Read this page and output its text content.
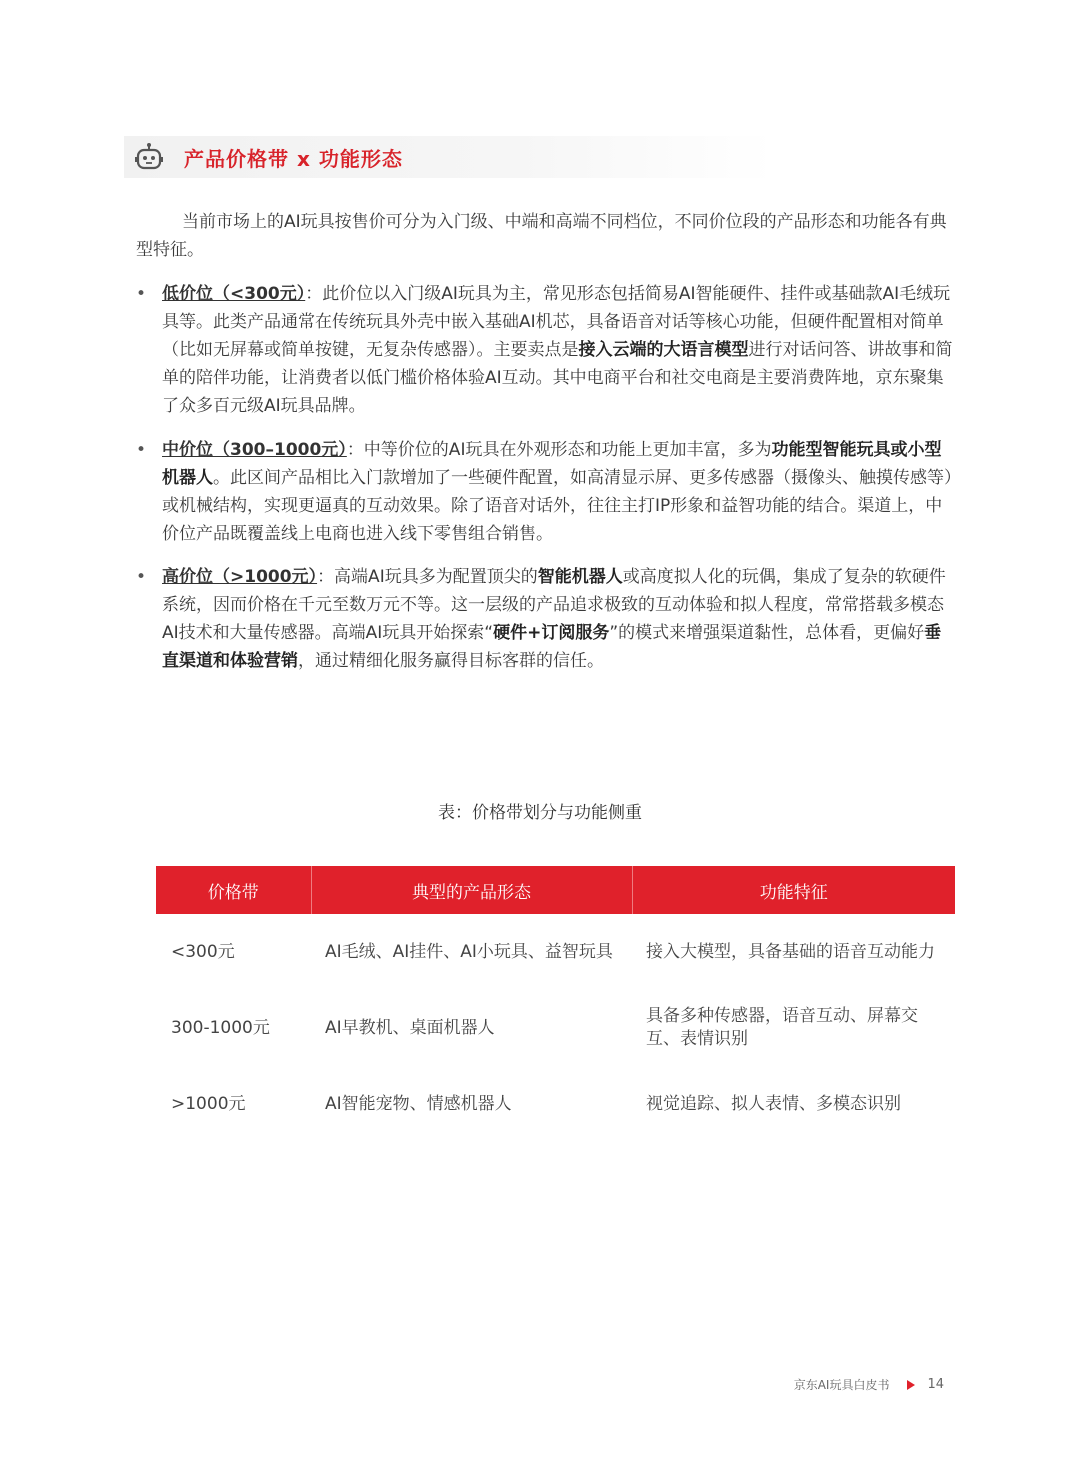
产品价格带 x 功能形态

当前市场上的AI玩具按售价可分为入门级、中端和高端不同档位，不同价位段的产品形态和功能各有典型特征。

• 低价位（<300元）：此价位以入门级AI玩具为主，常见形态包括简易AI智能硬件、挂件或基础款AI毛绒玩具等。此类产品通常在传统玩具外壳中嵌入基础AI机芯，具备语音对话等核心功能，但硬件配置相对简单（比如无屏幕或简单按键，无复杂传感器）。主要卖点是接入云端的大语言模型进行对话问答、讲故事和简单的陪伴功能，让消费者以低门槛价格体验AI互动。其中电商平台和社交电商是主要消费阵地，京东聚集了众多百元级AI玩具品牌。

• 中价位（300–1000元）：中等价位的AI玩具在外观形态和功能上更加丰富，多为功能型智能玩具或小型机器人。此区间产品相比入门款增加了一些硬件配置，如高清显示屏、更多传感器（摄像头、触摸传感等）或机械结构，实现更逼真的互动效果。除了语音对话外，往往主打IP形象和益智功能的结合。渠道上，中价位产品既覆盖线上电商也进入线下零售组合销售。

• 高价位（>1000元）：高端AI玩具多为配置顶尖的智能机器人或高度拟人化的玩偶，集成了复杂的软硬件系统，因而价格在千元至数万元不等。这一层级的产品追求极致的互动体验和拟人程度，常常搭载多模态AI技术和大量传感器。高端AI玩具开始探索“硬件+订阅服务”的模式来增强渠道黏性，总体看，更偏好垂直渠道和体验营销，通过精细化服务赢得目标客群的信任。

表：价格带划分与功能侧重
价格带	典型的产品形态	功能特征
<300元	AI毛绒、AI挂件、AI小玩具、益智玩具	接入大模型，具备基础的语音互动能力
300-1000元	AI早教机、桌面机器人	具备多种传感器，语音互动、屏幕交互、表情识别
>1000元	AI智能宠物、情感机器人	视觉追踪、拟人表情、多模态识别
京东AI玩具白皮书	14
